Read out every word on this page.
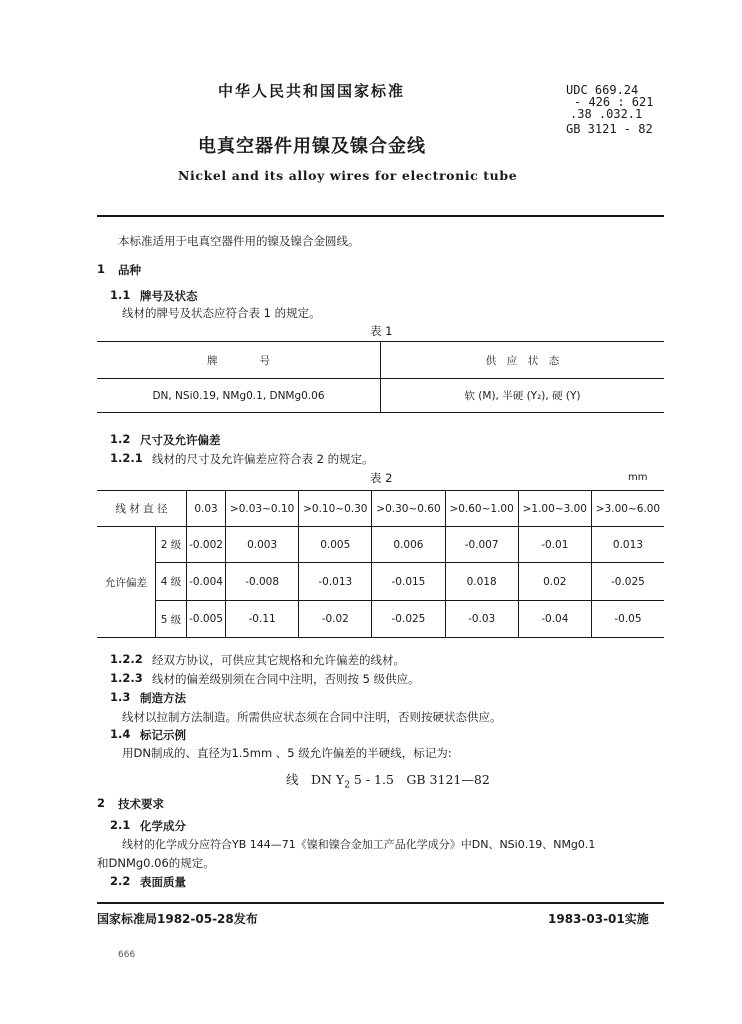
中华人民共和国国家标准	UDC 669.24
- 426 : 621
.38 .032.1
GB 3121 - 82
电真空器件用镍及镍合金线
Nickel and its alloy wires for electronic tube
本标准适用于电真空器件用的镍及镍合金圆线。
1 品种
1.1 牌号及状态
线材的牌号及状态应符合表 1 的规定。
表 1
牌　　　　号	供　应　状　态
DN, NSi0.19, NMg0.1, DNMg0.06	软 (M), 半硬 (Y₂), 硬 (Y)
1.2 尺寸及允许偏差
1.2.1 线材的尺寸及允许偏差应符合表 2 的规定。
表 2	mm
线 材 直 径		0.03	>0.03~0.10	>0.10~0.30	>0.30~0.60	>0.60~1.00	>1.00~3.00	>3.00~6.00
允许偏差	2 级	-0.002	0.003	0.005	0.006	-0.007	-0.01	0.013
	4 级	-0.004	-0.008	-0.013	-0.015	0.018	0.02	-0.025
	5 级	-0.005	-0.11	-0.02	-0.025	-0.03	-0.04	-0.05
1.2.2 经双方协议，可供应其它规格和允许偏差的线材。
1.2.3 线材的偏差级别须在合同中注明，否则按 5 级供应。
1.3 制造方法
线材以拉制方法制造。所需供应状态须在合同中注明，否则按硬状态供应。
1.4 标记示例
用DN制成的、直径为1.5mm 、5 级允许偏差的半硬线，标记为:
线　DN $Y_2$ 5 - 1.5　GB 3121—82
2 技术要求
2.1 化学成分
线材的化学成分应符合YB 144—71《镍和镍合金加工产品化学成分》中DN、NSi0.19、NMg0.1
和DNMg0.06的规定。
2.2 表面质量
国家标准局1982-05-28发布	1983-03-01实施
666
